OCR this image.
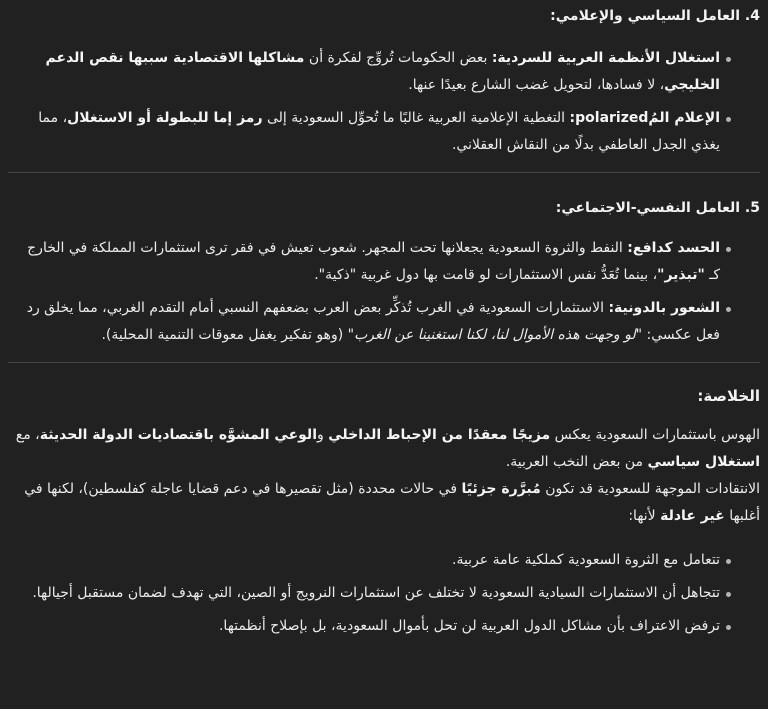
4. العامل السياسي والإعلامي:
استغلال الأنظمة العربية للسردية: بعض الحكومات تُروِّج لفكرة أن مشاكلها الاقتصادية سببها نقص الدعم الخليجي، لا فسادها، لتحويل غضب الشارع بعيدًا عنها.
الإعلام المُpolarized: التغطية الإعلامية العربية غالبًا ما تُحوِّل السعودية إلى رمز إما للبطولة أو الاستغلال، مما يغذي الجدل العاطفي بدلًا من النقاش العقلاني.
5. العامل النفسي-الاجتماعي:
الحسد كدافع: النفط والثروة السعودية يجعلانها تحت المجهر. شعوب تعيش في فقر ترى استثمارات المملكة في الخارج كـ "تبذير"، بينما تُعَدُّ نفس الاستثمارات لو قامت بها دول غربية "ذكية".
الشعور بالدونية: الاستثمارات السعودية في الغرب تُذكِّر بعض العرب بضعفهم النسبي أمام التقدم الغربي، مما يخلق رد فعل عكسي: "لو وجهت هذه الأموال لنا، لكنا استغنينا عن الغرب" (وهو تفكير يغفل معوقات التنمية المحلية).
الخلاصة:

الهوس باستثمارات السعودية يعكس مزيجًا معقدًا من الإحباط الداخلي والوعي المشوَّه باقتصاديات الدولة الحديثة، مع استغلال سياسي من بعض النخب العربية.

الانتقادات الموجهة للسعودية قد تكون مُبرَّرة جزئيًا في حالات محددة (مثل تقصيرها في دعم قضايا عاجلة كفلسطين)، لكنها في أغلبها غير عادلة لأنها:

تتعامل مع الثروة السعودية كملكية عامة عربية.
تتجاهل أن الاستثمارات السيادية السعودية لا تختلف عن استثمارات النرويج أو الصين، التي تهدف لضمان مستقبل أجيالها.
ترفض الاعتراف بأن مشاكل الدول العربية لن تحل بأموال السعودية، بل بإصلاح أنظمتها.
